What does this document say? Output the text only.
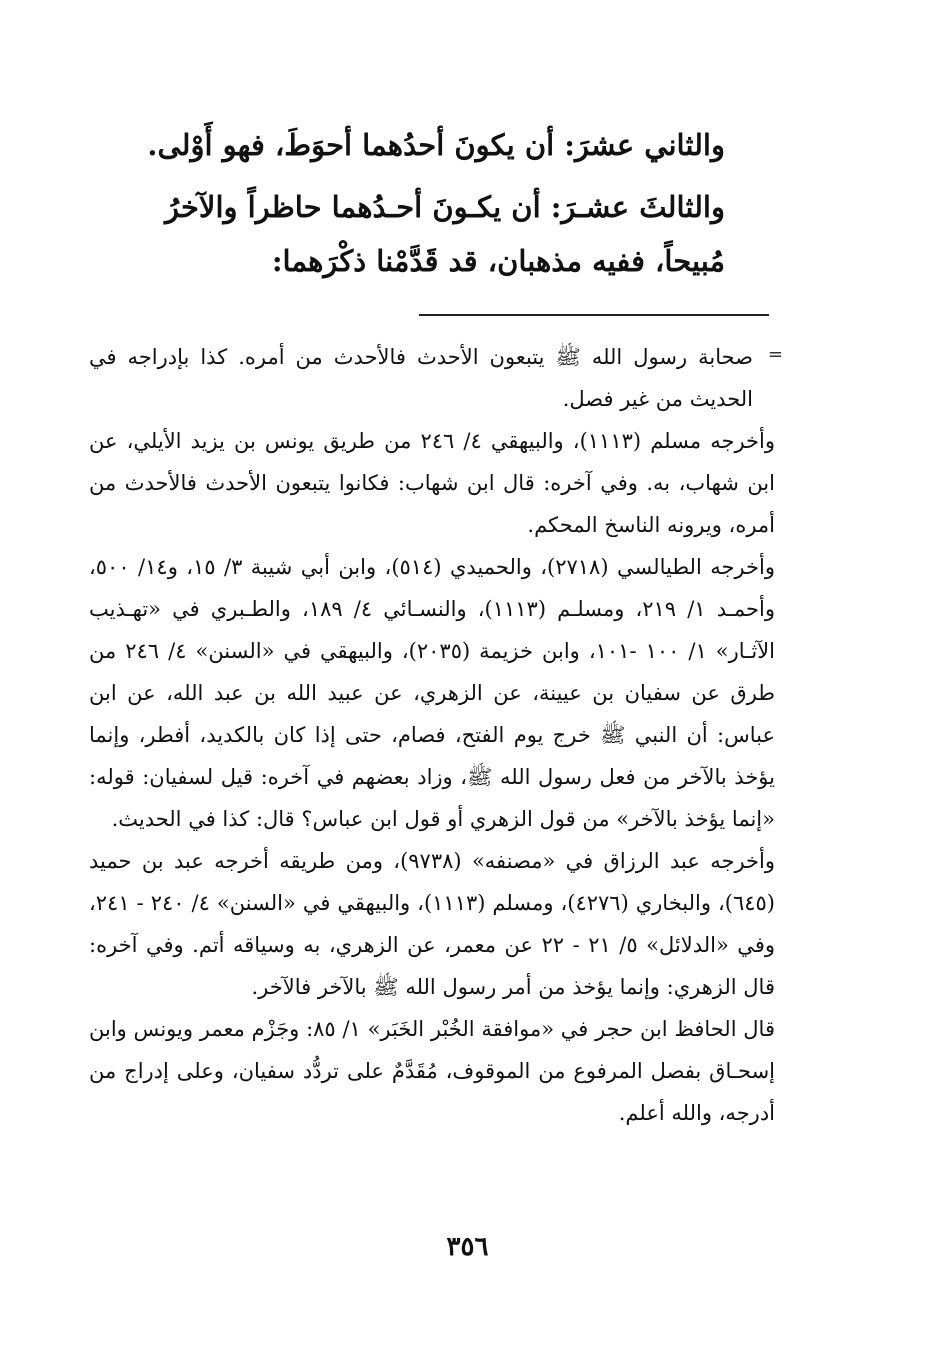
والثاني عشرَ: أن يكونَ أحدُهما أحوَطَ، فهو أَوْلى.

والثالثَ عشـرَ: أن يكـونَ أحـدُهما حاظراً والآخرُ مُبيحاً، ففيه مذهبان، قد قَدَّمْنا ذكْرَهما:

=

صحابة رسول الله ﷺ يتبعون الأحدث فالأحدث من أمره. كذا بإدراجه في الحديث من غير فصل.

وأخرجه مسلم (١١١٣)، والبيهقي ٤/ ٢٤٦ من طريق يونس بن يزيد الأيلي، عن ابن شهاب، به. وفي آخره: قال ابن شهاب: فكانوا يتبعون الأحدث فالأحدث من أمره، ويرونه الناسخ المحكم.

وأخرجه الطيالسي (٢٧١٨)، والحميدي (٥١٤)، وابن أبي شيبة ٣/ ١٥، و١٤/ ٥٠٠، وأحمـد ١/ ٢١٩، ومسلـم (١١١٣)، والنسـائي ٤/ ١٨٩، والطـبري في «تهـذيب الآثـار» ١/ ١٠٠ -١٠١، وابن خزيمة (٢٠٣٥)، والبيهقي في «السنن» ٤/ ٢٤٦ من طرق عن سفيان بن عيينة، عن الزهري، عن عبيد الله بن عبد الله، عن ابن عباس: أن النبي ﷺ خرج يوم الفتح، فصام، حتى إذا كان بالكديد، أفطر، وإنما يؤخذ بالآخر من فعل رسول الله ﷺ، وزاد بعضهم في آخره: قيل لسفيان: قوله: «إنما يؤخذ بالآخر» من قول الزهري أو قول ابن عباس؟ قال: كذا في الحديث.

وأخرجه عبد الرزاق في «مصنفه» (٩٧٣٨)، ومن طريقه أخرجه عبد بن حميد (٦٤٥)، والبخاري (٤٢٧٦)، ومسلم (١١١٣)، والبيهقي في «السنن» ٤/ ٢٤٠ - ٢٤١، وفي «الدلائل» ٥/ ٢١ - ٢٢ عن معمر، عن الزهري، به وسياقه أتم. وفي آخره: قال الزهري: وإنما يؤخذ من أمر رسول الله ﷺ بالآخر فالآخر.

قال الحافظ ابن حجر في «موافقة الخُبْر الخَبَر» ١/ ٨٥: وجَزْم معمر ويونس وابن إسحـاق بفصل المرفوع من الموقوف، مُقَدَّمٌ على تردُّد سفيان، وعلى إدراج من أدرجه، والله أعلم.

٣٥٦
